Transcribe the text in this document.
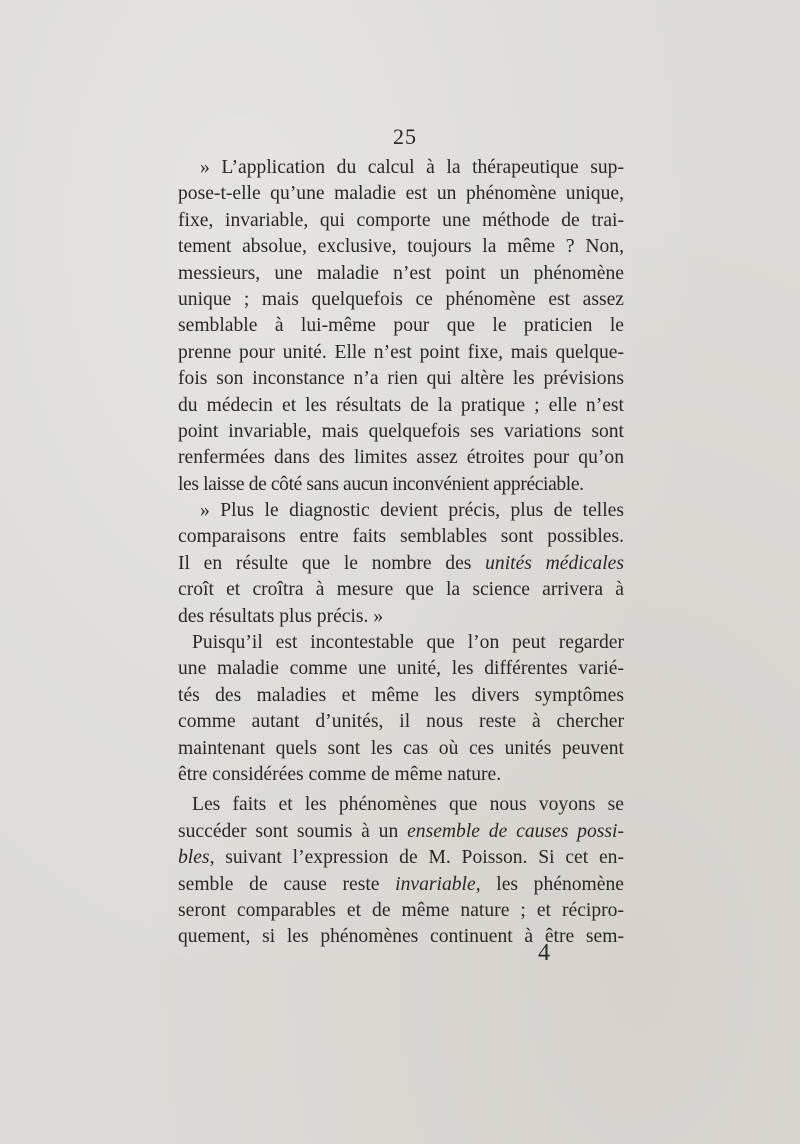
25
» L’application du calcul à la thérapeutique sup-
pose-t-elle qu’une maladie est un phénomène unique,
fixe, invariable, qui comporte une méthode de trai-
tement absolue, exclusive, toujours la même ? Non,
messieurs, une maladie n’est point un phénomène
unique ; mais quelquefois ce phénomène est assez
semblable à lui-même pour que le praticien le
prenne pour unité. Elle n’est point fixe, mais quelque-
fois son inconstance n’a rien qui altère les prévisions
du médecin et les résultats de la pratique ; elle n’est
point invariable, mais quelquefois ses variations sont
renfermées dans des limites assez étroites pour qu’on
les laisse de côté sans aucun inconvénient appréciable.
» Plus le diagnostic devient précis, plus de telles
comparaisons entre faits semblables sont possibles.
Il en résulte que le nombre des unités médicales
croît et croîtra à mesure que la science arrivera à
des résultats plus précis. »
Puisqu’il est incontestable que l’on peut regarder
une maladie comme une unité, les différentes varié-
tés des maladies et même les divers symptômes
comme autant d’unités, il nous reste à chercher
maintenant quels sont les cas où ces unités peuvent
être considérées comme de même nature.
Les faits et les phénomènes que nous voyons se
succéder sont soumis à un ensemble de causes possi-
bles, suivant l’expression de M. Poisson. Si cet en-
semble de cause reste invariable, les phénomène
seront comparables et de même nature ; et récipro-
quement, si les phénomènes continuent à être sem-
4
